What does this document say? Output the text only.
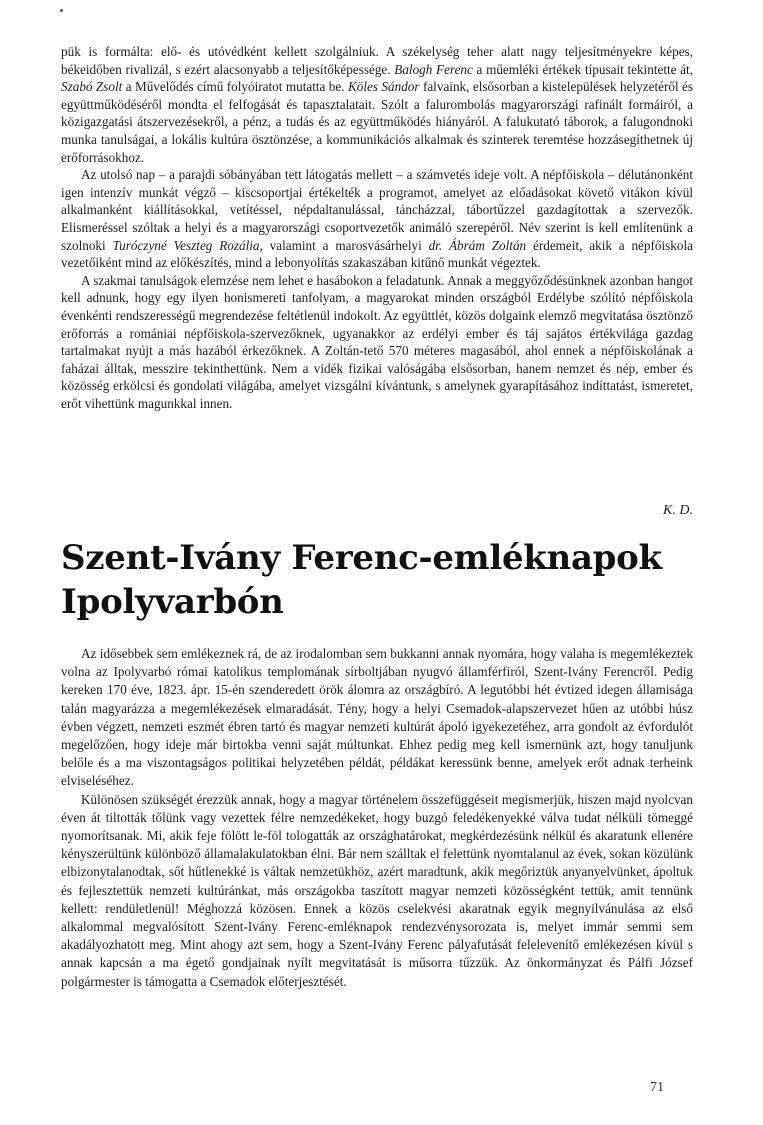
pük is formálta: elő- és utóvédként kellett szolgálniuk. A székelység teher alatt nagy teljesítményekre képes, békeidőben rivalizál, s ezért alacsonyabb a teljesítőképessége. Balogh Ferenc a műemléki értékek típusait tekintette át, Szabó Zsolt a Művelődés című folyóiratot mutatta be. Köles Sándor falvaink, elsősorban a kistelepülések helyzetéről és együttműködéséről mondta el felfogását és tapasztalatait. Szólt a falurombolás magyarországi rafinált formáiról, a közigazgatási átszervezésekről, a pénz, a tudás és az együttműködés hiányáról. A falukutató táborok, a falugondnoki munka tanulságai, a lokális kultúra ösztönzése, a kommunikációs alkalmak és szinterek teremtése hozzásegíthetnek új erőforrásokhoz.

Az utolsó nap – a parajdi sóbányában tett látogatás mellett – a számvetés ideje volt. A népfőiskola – délutánonként igen intenzív munkát végző – kiscsoportjai értékelték a programot, amelyet az előadásokat követő vitákon kívül alkalmanként kiállításokkal, vetítéssel, népdaltanulással, táncházzal, tábortűzzel gazdagítottak a szervezők. Elismeréssel szóltak a helyi és a magyarországi csoportvezetők animáló szerepéről. Név szerint is kell említenünk a szolnoki Turóczyné Veszteg Rozália, valamint a marosvásárhelyi dr. Ábrám Zoltán érdemeit, akik a népfőiskola vezetőiként mind az előkészítés, mind a lebonyolítás szakaszában kitűnő munkát végeztek.

A szakmai tanulságok elemzése nem lehet e hasábokon a feladatunk. Annak a meggyőződésünknek azonban hangot kell adnunk, hogy egy ilyen honismereti tanfolyam, a magyarokat minden országból Erdélybe szólító népfőiskola évenkénti rendszerességű megrendezése feltétlenül indokolt. Az együttlét, közös dolgaink elemző megvitatása ösztönző erőforrás a romániai népfőiskola-szervezőknek, ugyanakkor az erdélyi ember és táj sajátos értékvilága gazdag tartalmakat nyújt a más hazából érkezőknek. A Zoltán-tető 570 méteres magasából, ahol ennek a népfőiskolának a faházai álltak, messzire tekinthettünk. Nem a vidék fizikai valóságába elsősorban, hanem nemzet és nép, ember és közösség erkölcsi és gondolati világába, amelyet vizsgálni kívántunk, s amelynek gyarapításához indíttatást, ismeretet, erőt vihettünk magunkkal innen.

K. D.
Szent-Ivány Ferenc-emléknapok
Ipolyvarbón

Az idősebbek sem emlékeznek rá, de az irodalomban sem bukkanni annak nyomára, hogy valaha is megemlékeztek volna az Ipolyvarbó római katolikus templomának sírboltjában nyugvó államférfiról, Szent-Ivány Ferencről. Pedig kereken 170 éve, 1823. ápr. 15-én szenderedett örök álomra az országbíró. A legutóbbi hét évtized idegen államisága talán magyarázza a megemlékezések elmaradását. Tény, hogy a helyi Csemadok-alapszervezet hűen az utóbbi húsz évben végzett, nemzeti eszmét ébren tartó és magyar nemzeti kultúrát ápoló igyekezetéhez, arra gondolt az évfordulót megelőzően, hogy ideje már birtokba venni saját múltunkat. Ehhez pedig meg kell ismernünk azt, hogy tanuljunk belőle és a ma viszontagságos politikai helyzetében példát, példákat keressünk benne, amelyek erőt adnak terheink elviseléséhez.

Különösen szükségét érezzük annak, hogy a magyar történelem összefüggéseit megismerjük, hiszen majd nyolcvan éven át tiltották tőlünk vagy vezettek félre nemzedékeket, hogy buzgó feledékenyekké válva tudat nélküli tömeggé nyomorítsanak. Mi, akik feje fölött le-föl tologatták az országhatárokat, megkérdezésünk nélkül és akaratunk ellenére kényszerültünk különböző államalakulatokban élni. Bár nem szálltak el felettünk nyomtalanul az évek, sokan közülünk elbizonytalanodtak, sőt hűtlenekké is váltak nemzetükhöz, azért maradtunk, akik megőriztük anyanyelvünket, ápoltuk és fejlesztettük nemzeti kultúránkat, más országokba taszított magyar nemzeti közösségként tettük, amit tennünk kellett: rendületlenül! Méghozzá közösen. Ennek a közös cselekvési akaratnak egyik megnyilvánulása az első alkalommal megvalósított Szent-Ivány Ferenc-emléknapok rendezvénysorozata is, melyet immár semmi sem akadályozhatott meg. Mint ahogy azt sem, hogy a Szent-Ivány Ferenc pályafutását felelevenítő emlékezésen kívül s annak kapcsán a ma égető gondjainak nyílt megvitatását is műsorra tűzzük. Az önkormányzat és Pálfi József polgármester is támogatta a Csemadok előterjesztését.

71
